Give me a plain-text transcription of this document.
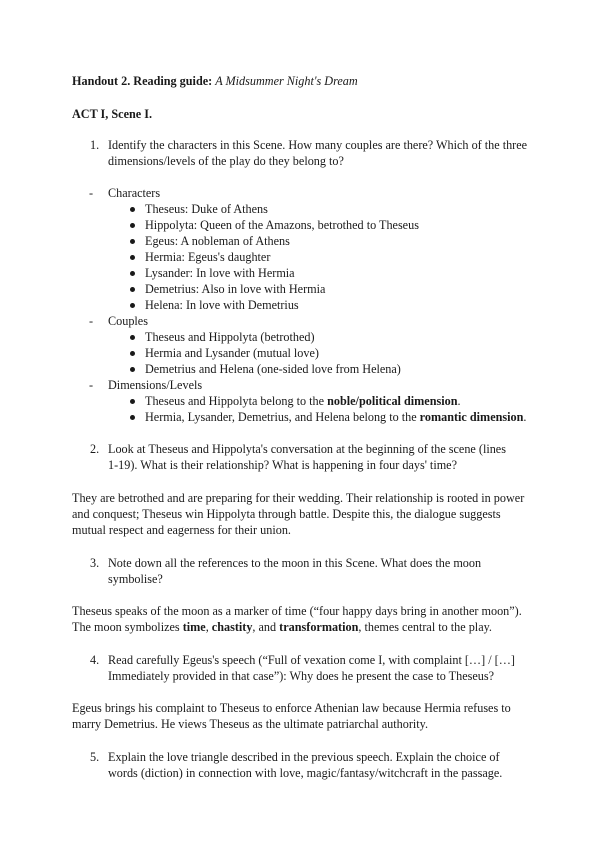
Handout 2. Reading guide: A Midsummer Night's Dream
ACT I, Scene I.
1. Identify the characters in this Scene. How many couples are there? Which of the three
dimensions/levels of the play do they belong to?
- Characters
Theseus: Duke of Athens
Hippolyta: Queen of the Amazons, betrothed to Theseus
Egeus: A nobleman of Athens
Hermia: Egeus's daughter
Lysander: In love with Hermia
Demetrius: Also in love with Hermia
Helena: In love with Demetrius
- Couples
Theseus and Hippolyta (betrothed)
Hermia and Lysander (mutual love)
Demetrius and Helena (one-sided love from Helena)
- Dimensions/Levels
Theseus and Hippolyta belong to the noble/political dimension.
Hermia, Lysander, Demetrius, and Helena belong to the romantic dimension.
2. Look at Theseus and Hippolyta's conversation at the beginning of the scene (lines
1-19). What is their relationship? What is happening in four days' time?
They are betrothed and are preparing for their wedding. Their relationship is rooted in power
and conquest; Theseus win Hippolyta through battle. Despite this, the dialogue suggests
mutual respect and eagerness for their union.
3. Note down all the references to the moon in this Scene. What does the moon
symbolise?
Theseus speaks of the moon as a marker of time (“four happy days bring in another moon”).
The moon symbolizes time, chastity, and transformation, themes central to the play.
4. Read carefully Egeus's speech (“Full of vexation come I, with complaint […] / […]
Immediately provided in that case”): Why does he present the case to Theseus?
Egeus brings his complaint to Theseus to enforce Athenian law because Hermia refuses to
marry Demetrius. He views Theseus as the ultimate patriarchal authority.
5. Explain the love triangle described in the previous speech. Explain the choice of
words (diction) in connection with love, magic/fantasy/witchcraft in the passage.
